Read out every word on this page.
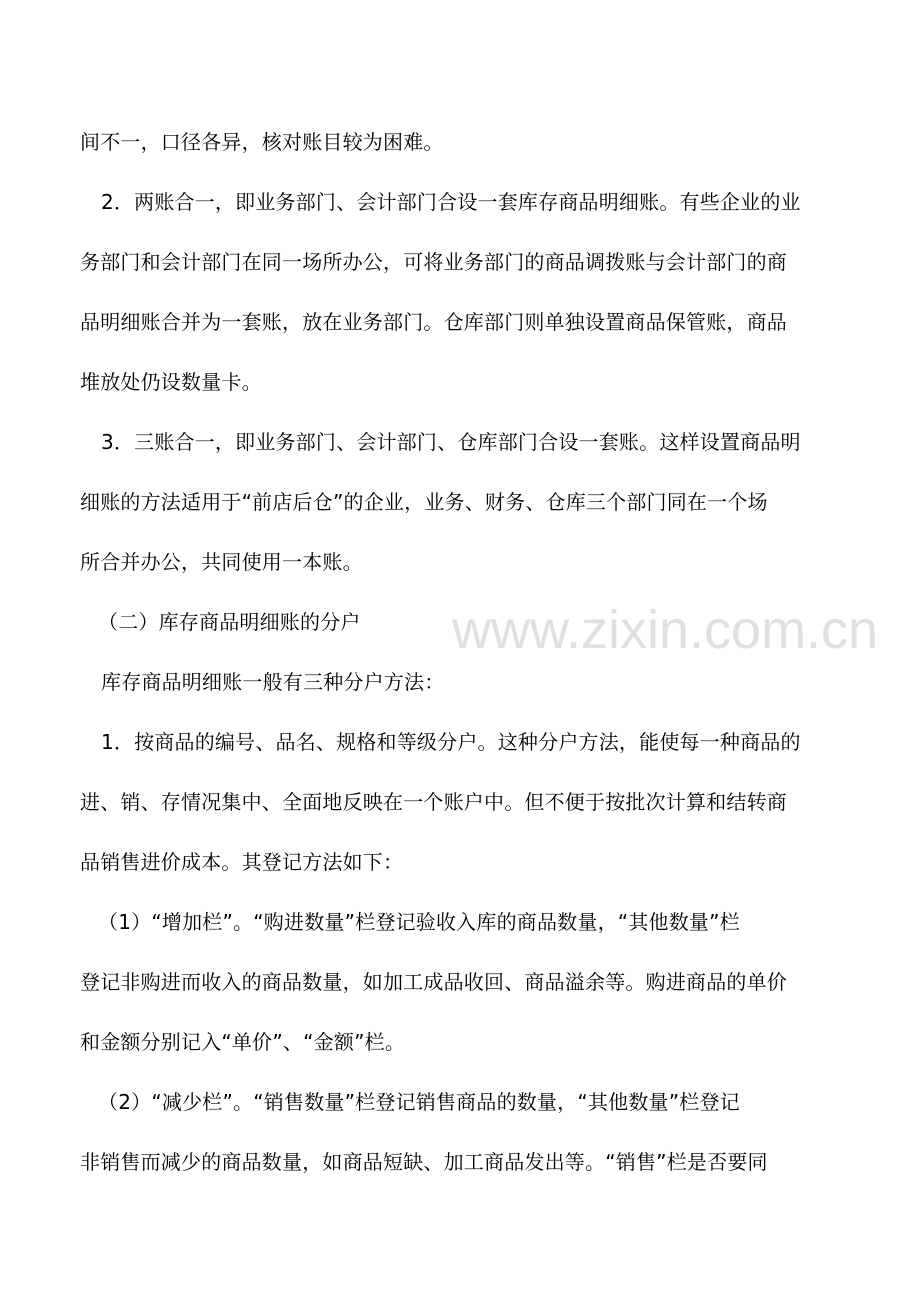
间不一，口径各异，核对账目较为困难。
2．两账合一，即业务部门、会计部门合设一套库存商品明细账。有些企业的业
务部门和会计部门在同一场所办公，可将业务部门的商品调拨账与会计部门的商
品明细账合并为一套账，放在业务部门。仓库部门则单独设置商品保管账，商品
堆放处仍设数量卡。
3．三账合一，即业务部门、会计部门、仓库部门合设一套账。这样设置商品明
细账的方法适用于“前店后仓”的企业，业务、财务、仓库三个部门同在一个场
所合并办公，共同使用一本账。
（二）库存商品明细账的分户
库存商品明细账一般有三种分户方法：
1．按商品的编号、品名、规格和等级分户。这种分户方法，能使每一种商品的
进、销、存情况集中、全面地反映在一个账户中。但不便于按批次计算和结转商
品销售进价成本。其登记方法如下：
（1）“增加栏”。“购进数量”栏登记验收入库的商品数量，“其他数量”栏
登记非购进而收入的商品数量，如加工成品收回、商品溢余等。购进商品的单价
和金额分别记入“单价”、“金额”栏。
（2）“减少栏”。“销售数量”栏登记销售商品的数量，“其他数量”栏登记
非销售而减少的商品数量，如商品短缺、加工商品发出等。“销售”栏是否要同
www.zixin.com.cn
